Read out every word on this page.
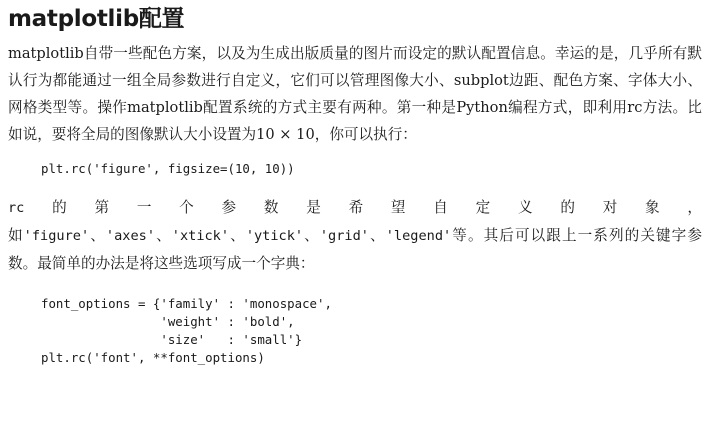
matplotlib配置

matplotlib自带一些配色方案，以及为生成出版质量的图片而设定的默认配置信息。幸运的是，几乎所有默认行为都能通过一组全局参数进行自定义，它们可以管理图像大小、subplot边距、配色方案、字体大小、网格类型等。操作matplotlib配置系统的方式主要有两种。第一种是Python编程方式，即利用rc方法。比如说，要将全局的图像默认大小设置为10 × 10，你可以执行：

plt.rc('figure', figsize=(10, 10))

rc的第一个参数是希望自定义的对象，如'figure'、'axes'、'xtick'、'ytick'、'grid'、'legend'等。其后可以跟上一系列的关键字参数。最简单的办法是将这些选项写成一个字典：

font_options = {'family' : 'monospace',
'weight' : 'bold',
'size'   : 'small'}
plt.rc('font', **font_options)
